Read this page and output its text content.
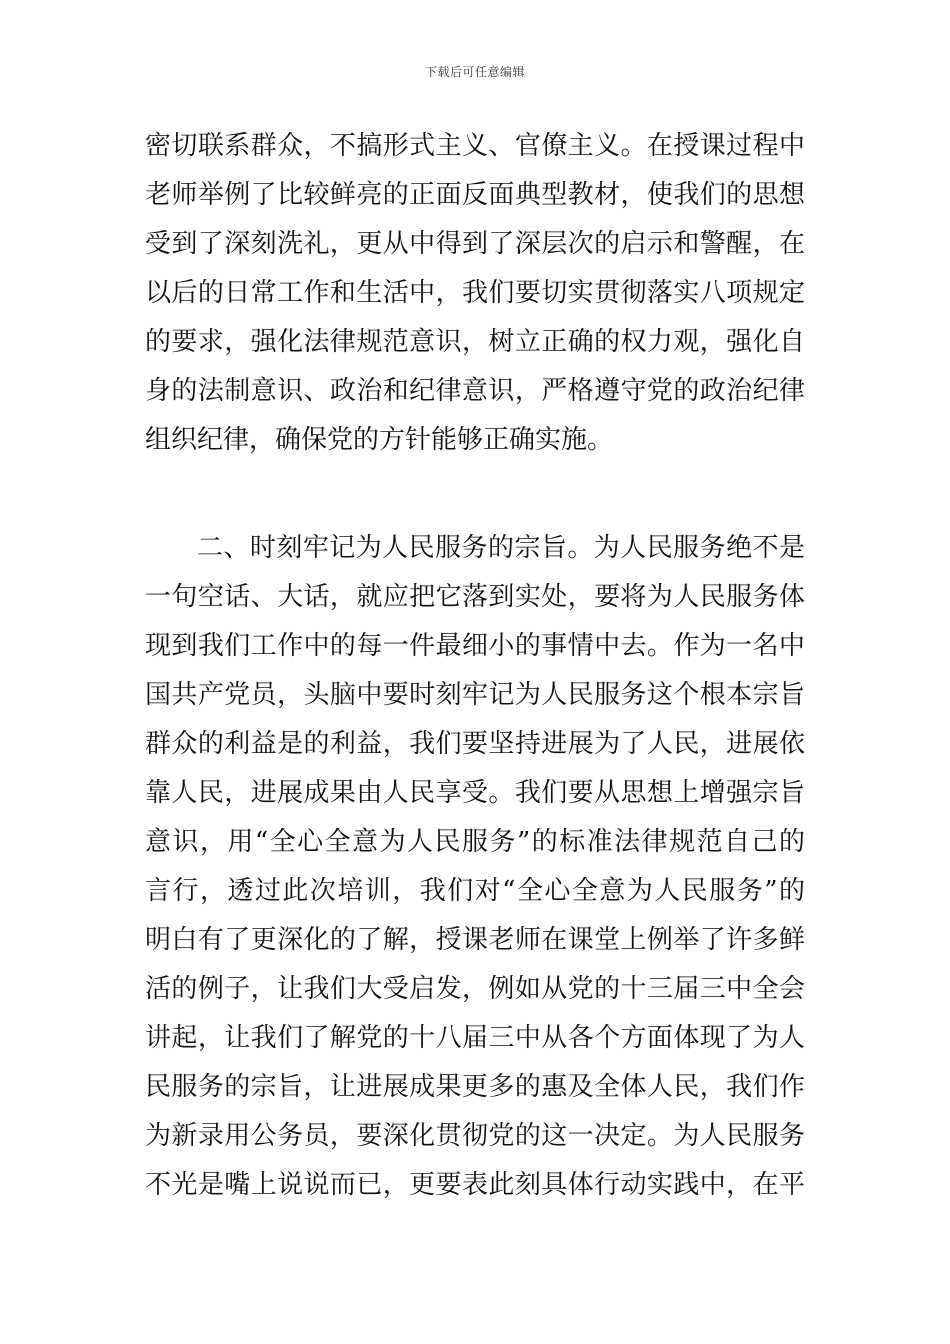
下载后可任意编辑
密切联系群众，不搞形式主义、官僚主义。在授课过程中
老师举例了比较鲜亮的正面反面典型教材，使我们的思想
受到了深刻洗礼，更从中得到了深层次的启示和警醒，在
以后的日常工作和生活中，我们要切实贯彻落实八项规定
的要求，强化法律规范意识，树立正确的权力观，强化自
身的法制意识、政治和纪律意识，严格遵守党的政治纪律
组织纪律，确保党的方针能够正确实施。
二、时刻牢记为人民服务的宗旨。为人民服务绝不是
一句空话、大话，就应把它落到实处，要将为人民服务体
现到我们工作中的每一件最细小的事情中去。作为一名中
国共产党员，头脑中要时刻牢记为人民服务这个根本宗旨
群众的利益是的利益，我们要坚持进展为了人民，进展依
靠人民，进展成果由人民享受。我们要从思想上增强宗旨
意识，用“全心全意为人民服务”的标准法律规范自己的
言行，透过此次培训，我们对“全心全意为人民服务”的
明白有了更深化的了解，授课老师在课堂上例举了许多鲜
活的例子，让我们大受启发，例如从党的十三届三中全会
讲起，让我们了解党的十八届三中从各个方面体现了为人
民服务的宗旨，让进展成果更多的惠及全体人民，我们作
为新录用公务员，要深化贯彻党的这一决定。为人民服务
不光是嘴上说说而已，更要表此刻具体行动实践中，在平
